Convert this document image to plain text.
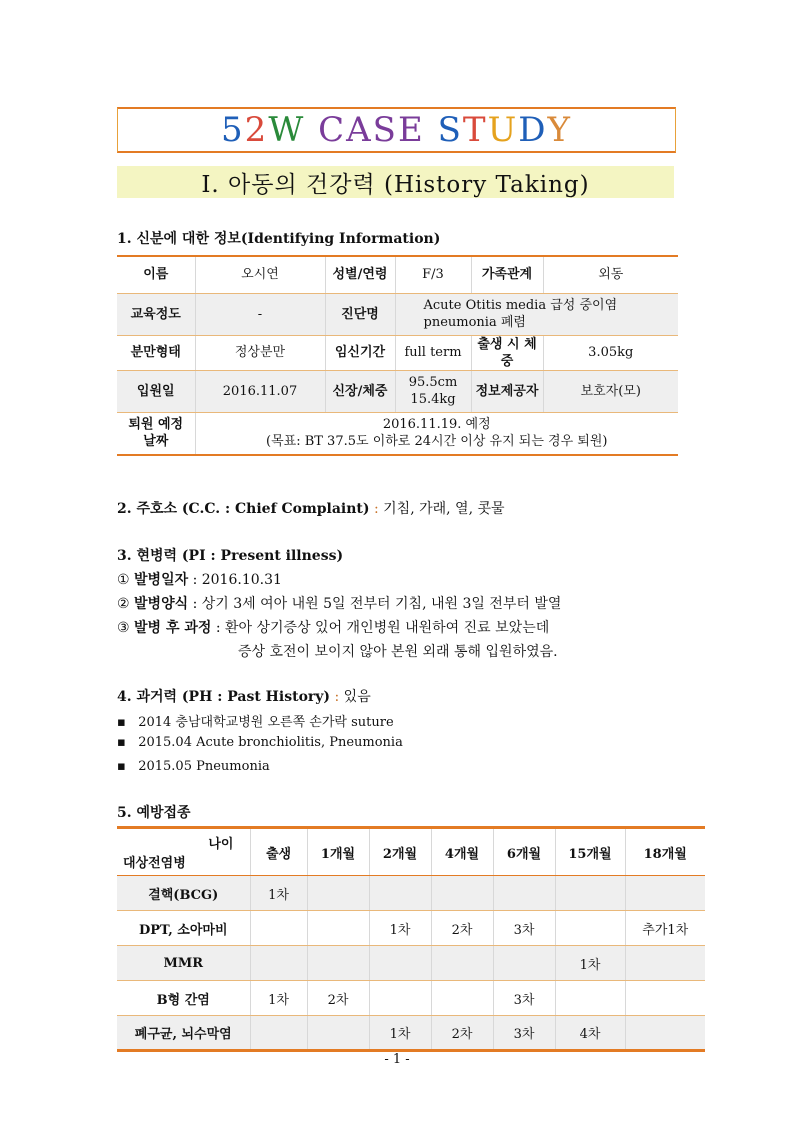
5 2 W
C A S E
S T U D Y
Ⅰ. 아동의 건강력 (History Taking)
1. 신분에 대한 정보(Identifying Information)
이름	오시연	성별/연령	F/3	가족관계	외동
교육정도	-	진단명	Acute Otitis media 급성 중이염
pneumonia 폐렴		
분만형태	정상분만	임신기간	full term	출생 시 체중	3.05kg
입원일	2016.11.07	신장/체중	95.5cm
15.4kg	정보제공자	보호자(모)
퇴원 예정
날짜	2016.11.19. 예정
(목표: BT 37.5도 이하로 24시간 이상 유지 되는 경우 퇴원)				
2. 주호소 (C.C. : Chief Complaint) : 기침, 가래, 열, 콧물
3. 현병력 (PI : Present illness)
① 발병일자 : 2016.10.31
② 발병양식 : 상기 3세 여아 내원 5일 전부터 기침, 내원 3일 전부터 발열
③ 발병 후 과정 : 환아 상기증상 있어 개인병원 내원하여 진료 보았는데
증상 호전이 보이지 않아 본원 외래 통해 입원하였음.
4. 과거력 (PH : Past History) : 있음
▪   2014 충남대학교병원 오른쪽 손가락 suture
▪   2015.04 Acute bronchiolitis, Pneumonia
▪   2015.05 Pneumonia
5. 예방접종
나이
대상전염병	출생	1개월	2개월	4개월	6개월	15개월	18개월
결핵(BCG)	1차						
DPT, 소아마비			1차	2차	3차		추가1차
MMR						1차	
B형 간염	1차	2차			3차		
폐구균, 뇌수막염			1차	2차	3차	4차	
- 1 -
